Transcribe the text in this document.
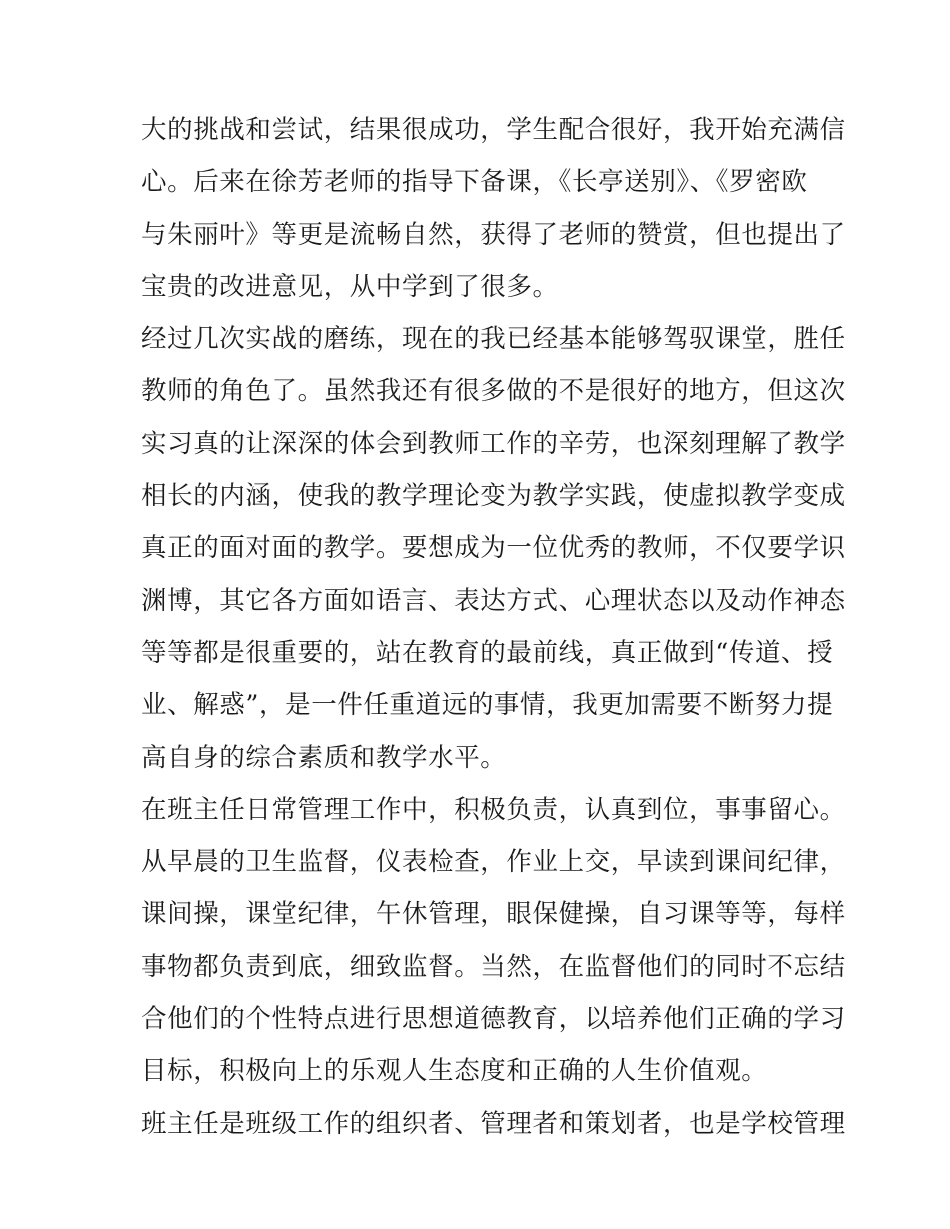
大的挑战和尝试，结果很成功，学生配合很好，我开始充满信
心。后来在徐芳老师的指导下备课，《长亭送别》、《罗密欧
与朱丽叶》等更是流畅自然，获得了老师的赞赏，但也提出了
宝贵的改进意见，从中学到了很多。
经过几次实战的磨练，现在的我已经基本能够驾驭课堂，胜任
教师的角色了。虽然我还有很多做的不是很好的地方，但这次
实习真的让深深的体会到教师工作的辛劳，也深刻理解了教学
相长的内涵，使我的教学理论变为教学实践，使虚拟教学变成
真正的面对面的教学。要想成为一位优秀的教师，不仅要学识
渊博，其它各方面如语言、表达方式、心理状态以及动作神态
等等都是很重要的，站在教育的最前线，真正做到“传道、授
业、解惑”，是一件任重道远的事情，我更加需要不断努力提
高自身的综合素质和教学水平。
在班主任日常管理工作中，积极负责，认真到位，事事留心。
从早晨的卫生监督，仪表检查，作业上交，早读到课间纪律，
课间操，课堂纪律，午休管理，眼保健操，自习课等等，每样
事物都负责到底，细致监督。当然，在监督他们的同时不忘结
合他们的个性特点进行思想道德教育，以培养他们正确的学习
目标，积极向上的乐观人生态度和正确的人生价值观。
班主任是班级工作的组织者、管理者和策划者，也是学校管理
